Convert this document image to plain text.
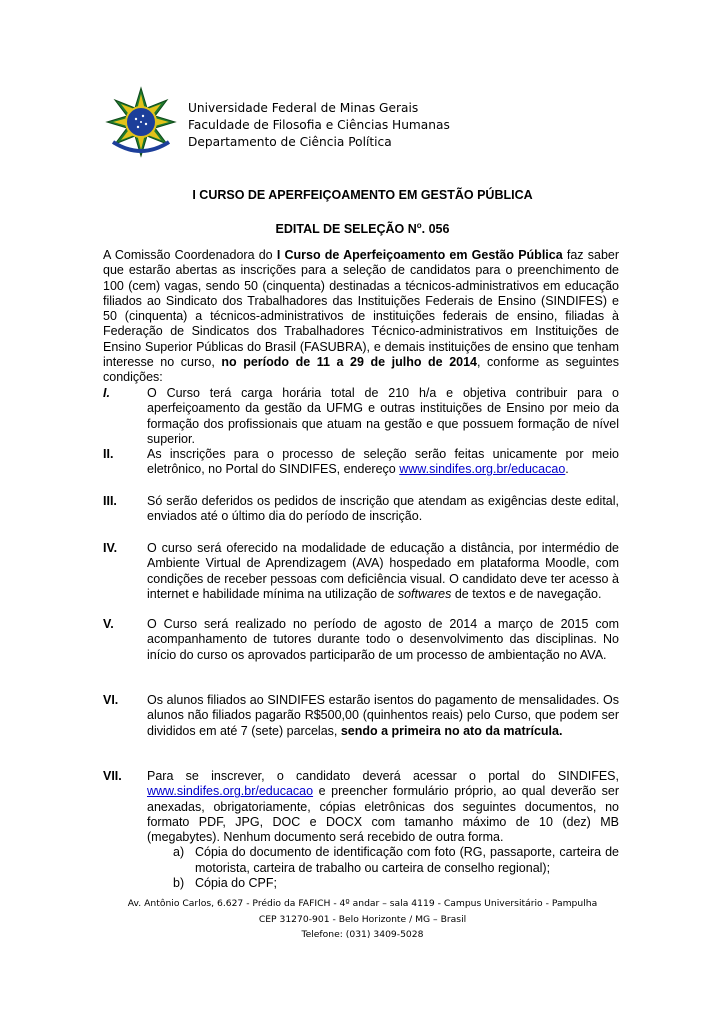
Universidade Federal de Minas Gerais
Faculdade de Filosofia e Ciências Humanas
Departamento de Ciência Política
I CURSO DE APERFEIÇOAMENTO EM GESTÃO PÚBLICA
EDITAL DE SELEÇÃO $N^o$. 056
A Comissão Coordenadora do I Curso de Aperfeiçoamento em Gestão Pública faz saber que estarão abertas as inscrições para a seleção de candidatos para o preenchimento de 100 (cem) vagas, sendo 50 (cinquenta) destinadas a técnicos-administrativos em educação filiados ao Sindicato dos Trabalhadores das Instituições Federais de Ensino (SINDIFES) e 50 (cinquenta) a técnicos-administrativos de instituições federais de ensino, filiadas à Federação de Sindicatos dos Trabalhadores Técnico-administrativos em Instituições de Ensino Superior Públicas do Brasil (FASUBRA), e demais instituições de ensino que tenham interesse no curso, no período de 11 a 29 de julho de 2014, conforme as seguintes condições:
I.	O Curso terá carga horária total de 210 h/a e objetiva contribuir para o aperfeiçoamento da gestão da UFMG e outras instituições de Ensino por meio da formação dos profissionais que atuam na gestão e que possuem formação de nível superior.
II.	As inscrições para o processo de seleção serão feitas unicamente por meio eletrônico, no Portal do SINDIFES, endereço www.sindifes.org.br/educacao.
III. Só serão deferidos os pedidos de inscrição que atendam as exigências deste edital, enviados até o último dia do período de inscrição.
IV. O curso será oferecido na modalidade de educação a distância, por intermédio de Ambiente Virtual de Aprendizagem (AVA) hospedado em plataforma Moodle, com condições de receber pessoas com deficiência visual. O candidato deve ter acesso à internet e habilidade mínima na utilização de softwares de textos e de navegação.
V.	O Curso será realizado no período de agosto de 2014 a março de 2015 com acompanhamento de tutores durante todo o desenvolvimento das disciplinas. No início do curso os aprovados participarão de um processo de ambientação no AVA.
VI. Os alunos filiados ao SINDIFES estarão isentos do pagamento de mensalidades. Os alunos não filiados pagarão R$500,00 (quinhentos reais) pelo Curso, que podem ser divididos em até 7 (sete) parcelas, sendo a primeira no ato da matrícula.
VII. Para se inscrever, o candidato deverá acessar o portal do SINDIFES, www.sindifes.org.br/educacao e preencher formulário próprio, ao qual deverão ser anexadas, obrigatoriamente, cópias eletrônicas dos seguintes documentos, no formato PDF, JPG, DOC e DOCX com tamanho máximo de 10 (dez) MB (megabytes). Nenhum documento será recebido de outra forma.
a) Cópia do documento de identificação com foto (RG, passaporte, carteira de motorista, carteira de trabalho ou carteira de conselho regional);
b) Cópia do CPF;
Av. Antônio Carlos, 6.627 - Prédio da FAFICH - 4º andar – sala 4119 - Campus Universitário - Pampulha
CEP 31270-901 - Belo Horizonte / MG – Brasil
Telefone: (031) 3409-5028
